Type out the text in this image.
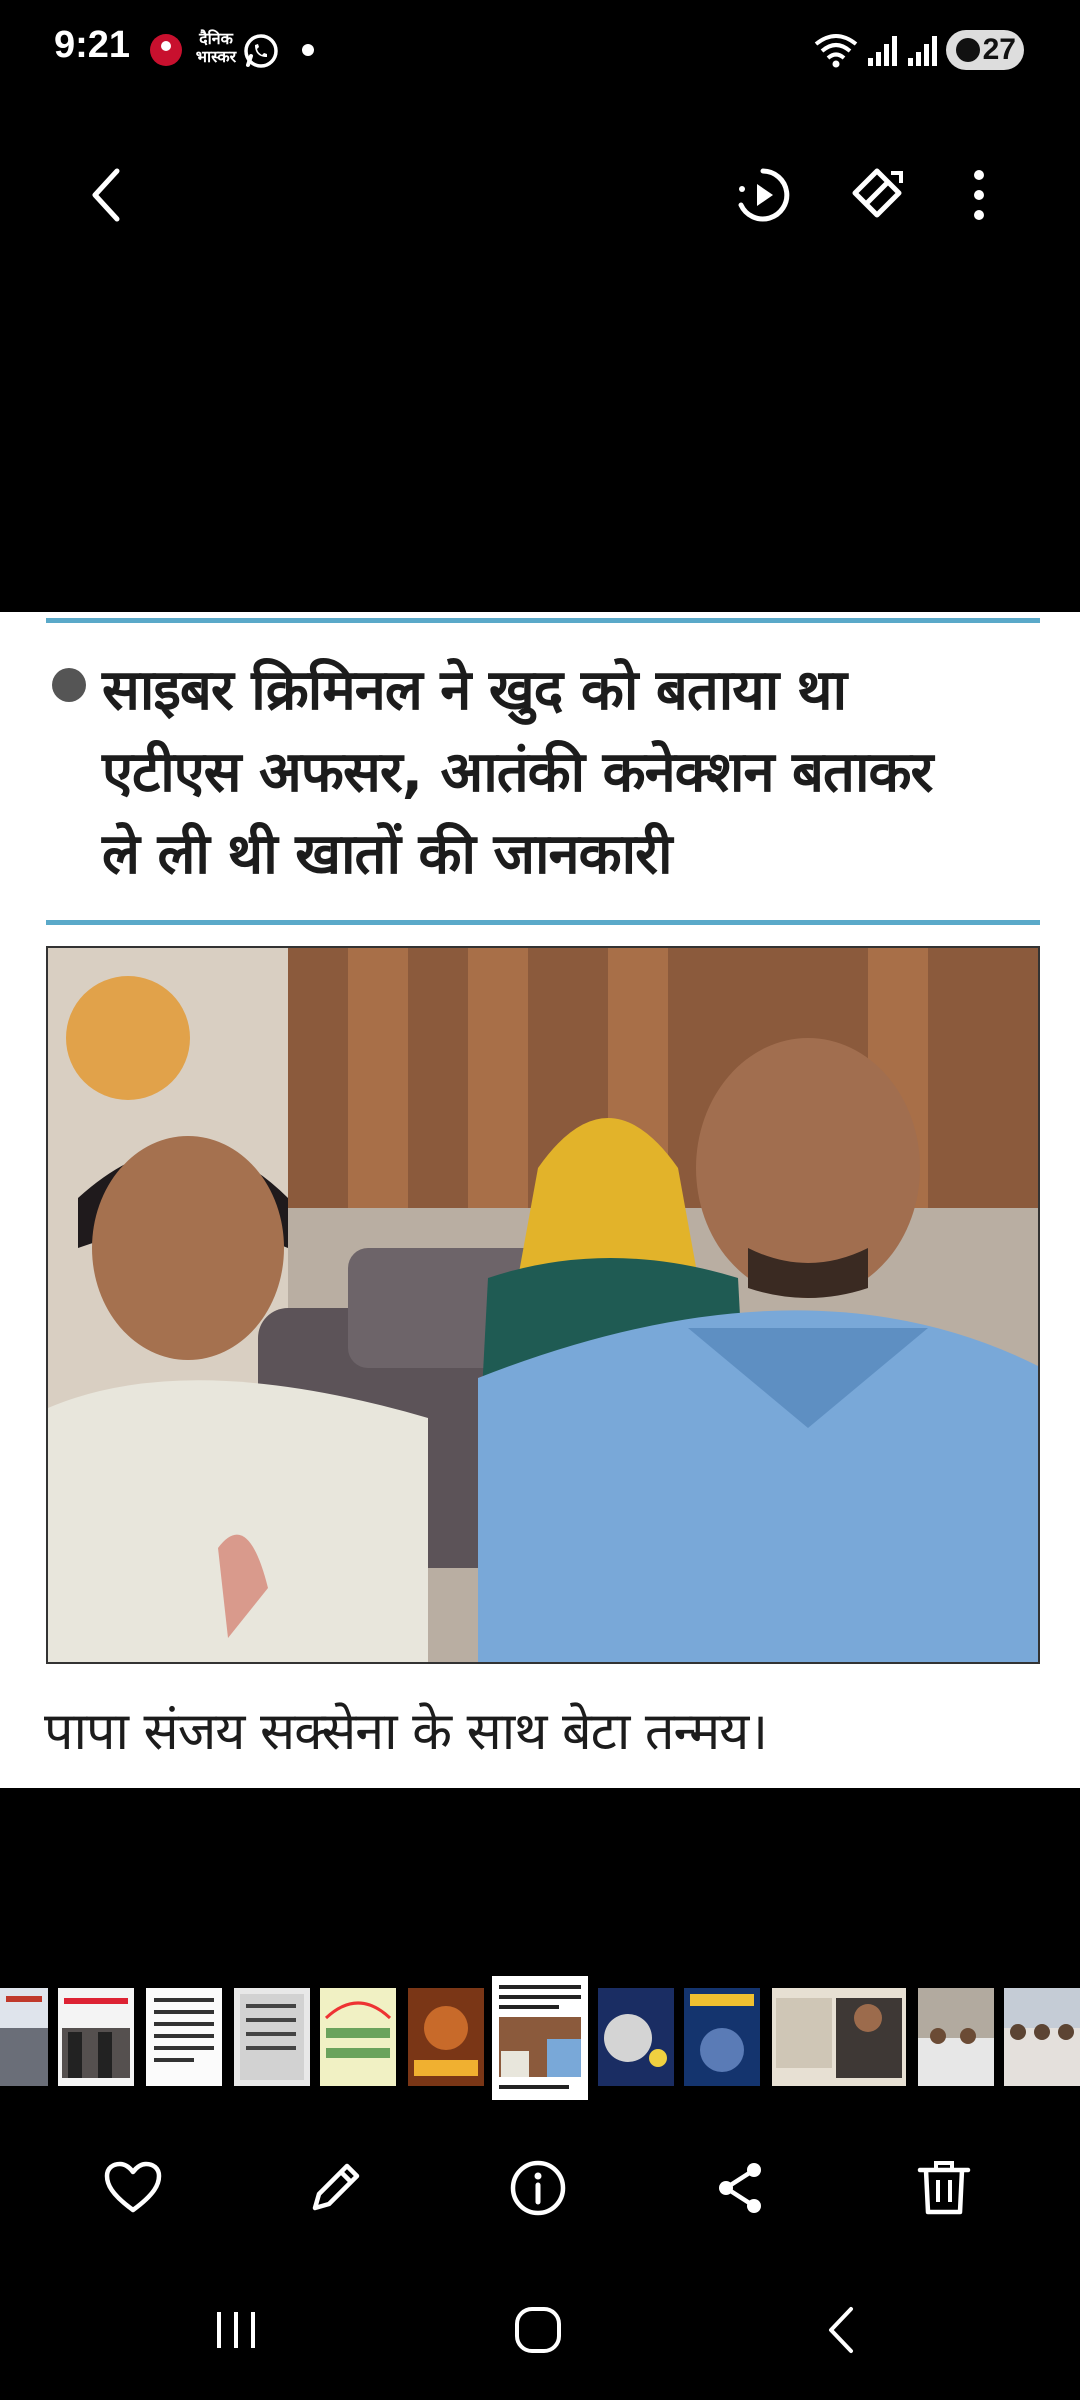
9:21	दैनिक भास्कर	27
साइबर क्रिमिनल ने खुद को बताया था
एटीएस अफसर, आतंकी कनेक्शन बताकर
ले ली थी खातों की जानकारी
पापा संजय सक्सेना के साथ बेटा तन्मय।
